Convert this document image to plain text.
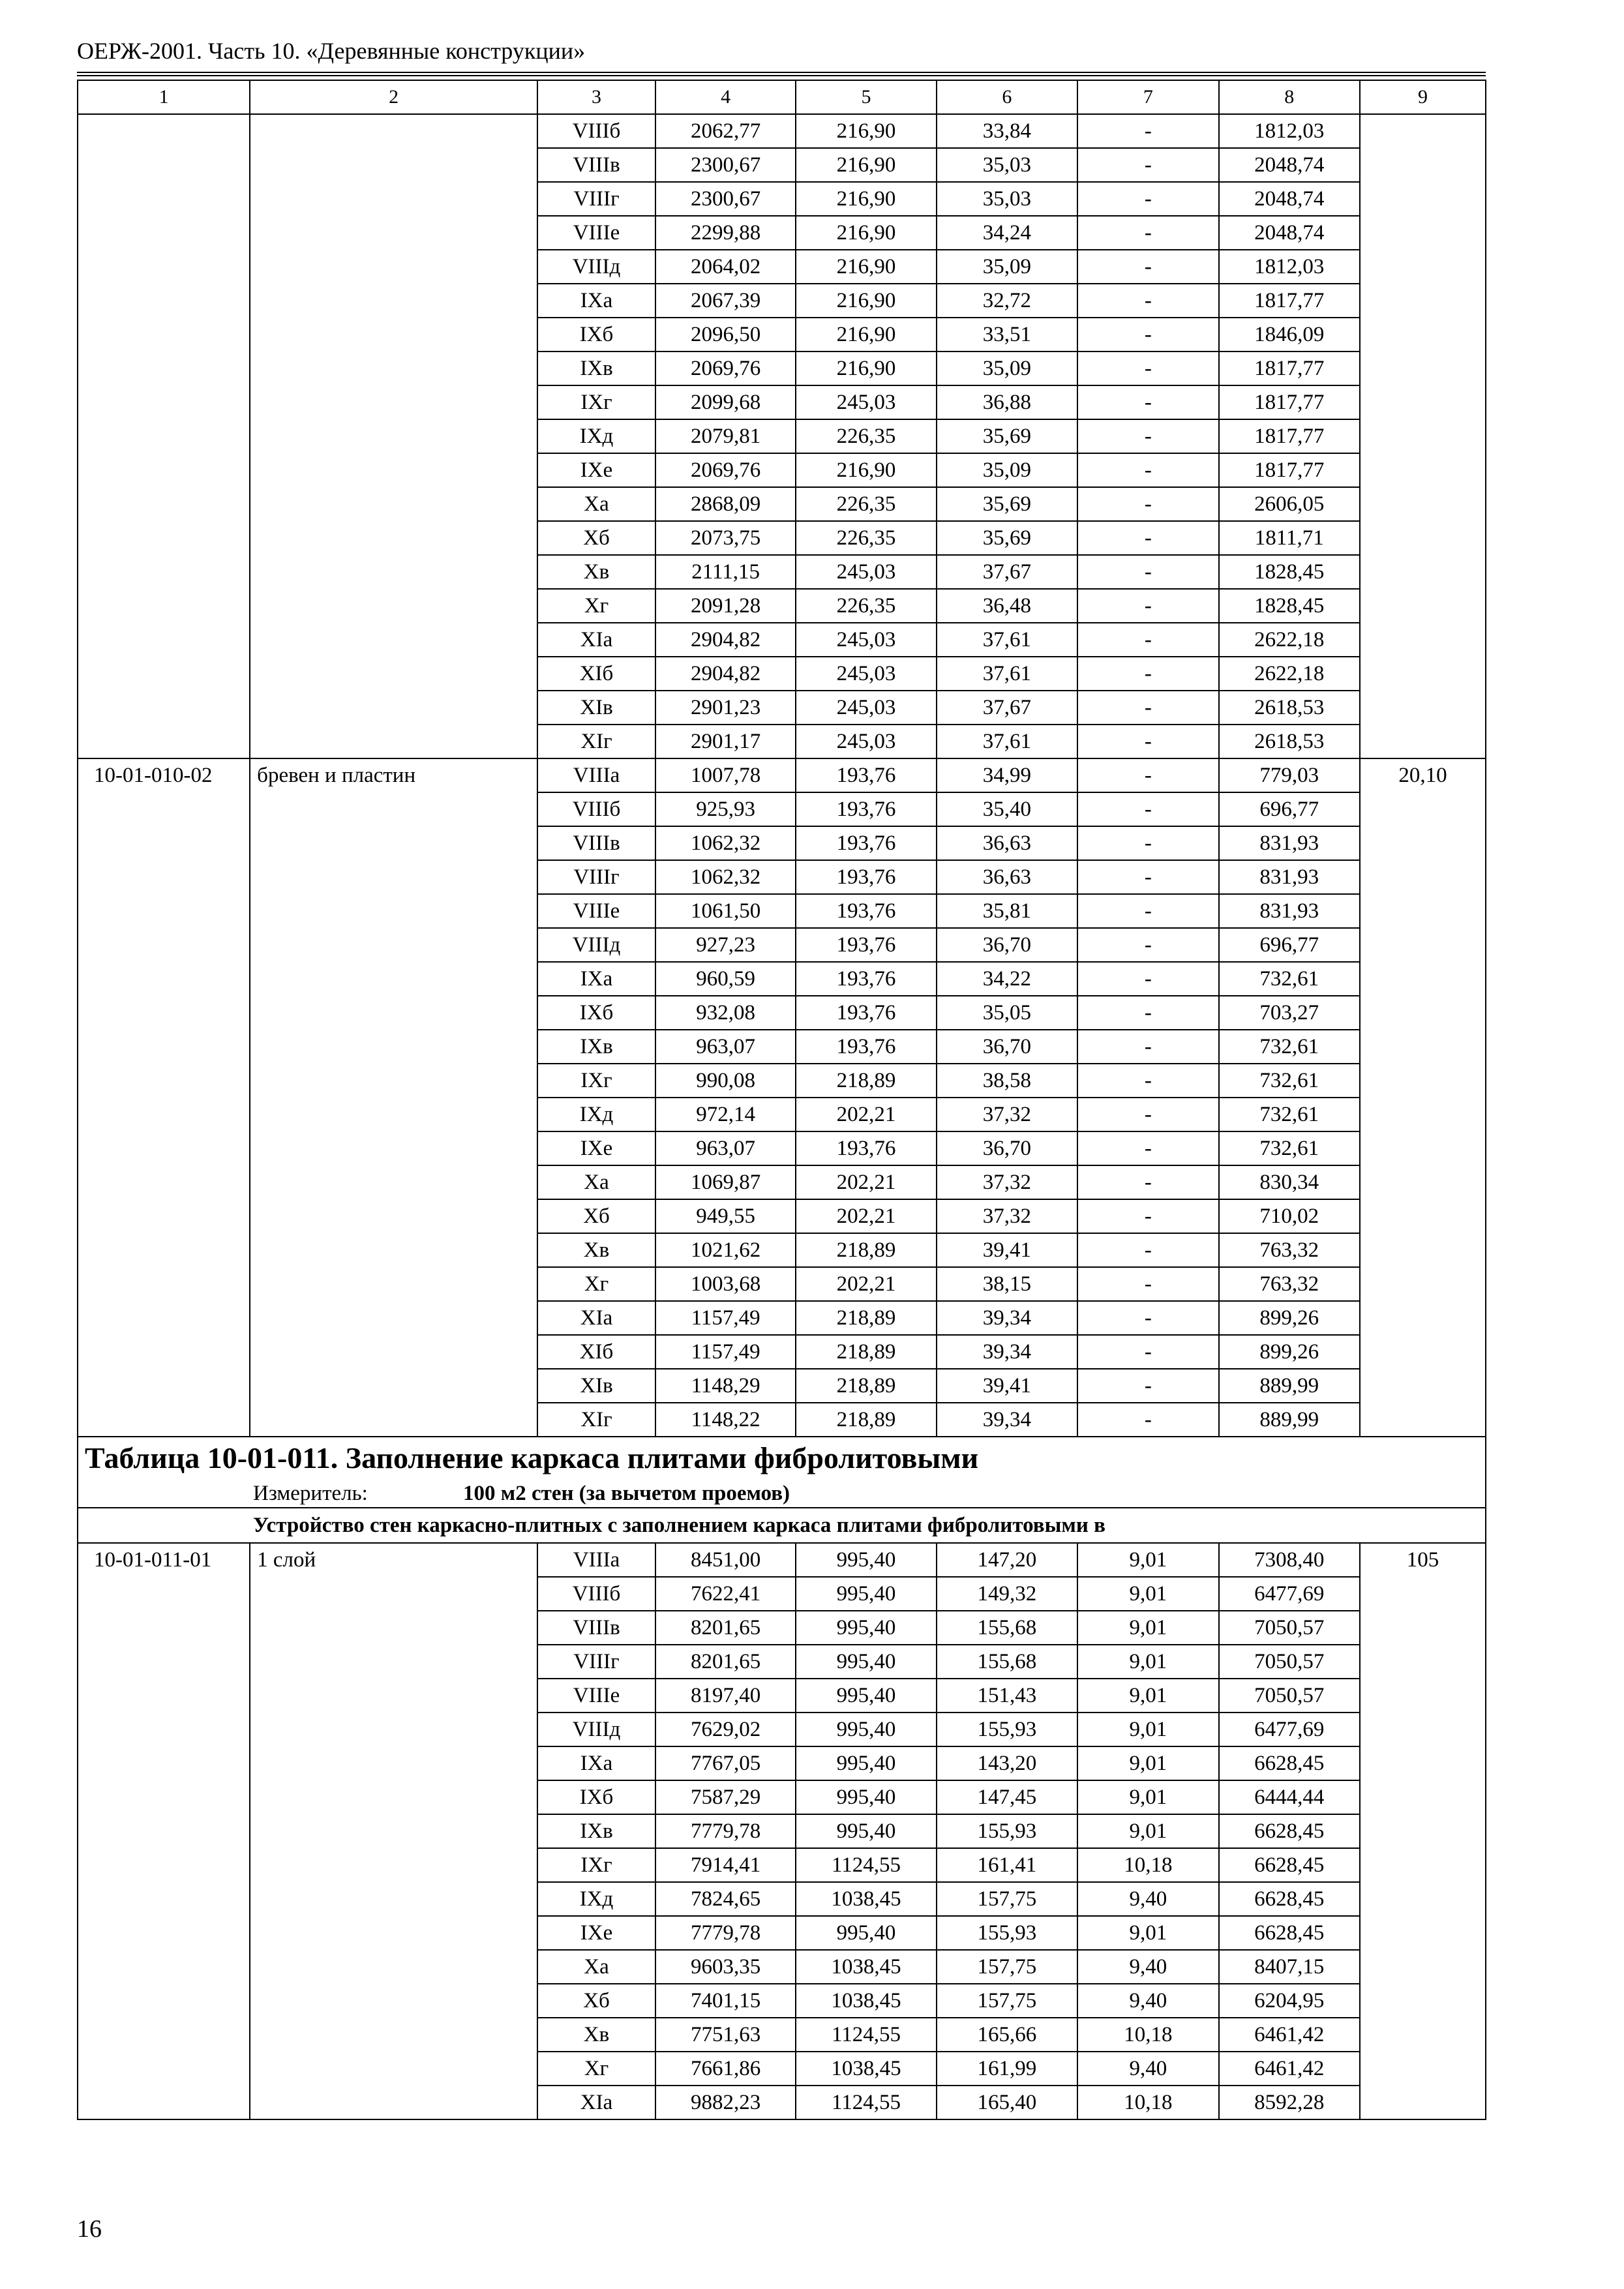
ОЕРЖ-2001. Часть 10. «Деревянные конструкции»
1	2	3	4	5	6	7	8	9
		VIIIб	2062,77	216,90	33,84	-	1812,03	
		VIIIв	2300,67	216,90	35,03	-	2048,74	
		VIIIг	2300,67	216,90	35,03	-	2048,74	
		VIIIе	2299,88	216,90	34,24	-	2048,74	
		VIIIд	2064,02	216,90	35,09	-	1812,03	
		IXа	2067,39	216,90	32,72	-	1817,77	
		IXб	2096,50	216,90	33,51	-	1846,09	
		IXв	2069,76	216,90	35,09	-	1817,77	
		IXг	2099,68	245,03	36,88	-	1817,77	
		IXд	2079,81	226,35	35,69	-	1817,77	
		IXе	2069,76	216,90	35,09	-	1817,77	
		Xа	2868,09	226,35	35,69	-	2606,05	
		Xб	2073,75	226,35	35,69	-	1811,71	
		Xв	2111,15	245,03	37,67	-	1828,45	
		Xг	2091,28	226,35	36,48	-	1828,45	
		XIа	2904,82	245,03	37,61	-	2622,18	
		XIб	2904,82	245,03	37,61	-	2622,18	
		XIв	2901,23	245,03	37,67	-	2618,53	
		XIг	2901,17	245,03	37,61	-	2618,53	
10-01-010-02	бревен и пластин	VIIIа	1007,78	193,76	34,99	-	779,03	20,10
		VIIIб	925,93	193,76	35,40	-	696,77	
		VIIIв	1062,32	193,76	36,63	-	831,93	
		VIIIг	1062,32	193,76	36,63	-	831,93	
		VIIIе	1061,50	193,76	35,81	-	831,93	
		VIIIд	927,23	193,76	36,70	-	696,77	
		IXа	960,59	193,76	34,22	-	732,61	
		IXб	932,08	193,76	35,05	-	703,27	
		IXв	963,07	193,76	36,70	-	732,61	
		IXг	990,08	218,89	38,58	-	732,61	
		IXд	972,14	202,21	37,32	-	732,61	
		IXе	963,07	193,76	36,70	-	732,61	
		Xа	1069,87	202,21	37,32	-	830,34	
		Xб	949,55	202,21	37,32	-	710,02	
		Xв	1021,62	218,89	39,41	-	763,32	
		Xг	1003,68	202,21	38,15	-	763,32	
		XIа	1157,49	218,89	39,34	-	899,26	
		XIб	1157,49	218,89	39,34	-	899,26	
		XIв	1148,29	218,89	39,41	-	889,99	
		XIг	1148,22	218,89	39,34	-	889,99	
Таблица 10-01-011. Заполнение каркаса плитами фибролитовыми								
Измеритель: 100 м2 стен (за вычетом проемов)								
Устройство стен каркасно-плитных с заполнением каркаса плитами фибролитовыми в								
10-01-011-01	1 слой	VIIIа	8451,00	995,40	147,20	9,01	7308,40	105
		VIIIб	7622,41	995,40	149,32	9,01	6477,69	
		VIIIв	8201,65	995,40	155,68	9,01	7050,57	
		VIIIг	8201,65	995,40	155,68	9,01	7050,57	
		VIIIе	8197,40	995,40	151,43	9,01	7050,57	
		VIIIд	7629,02	995,40	155,93	9,01	6477,69	
		IXа	7767,05	995,40	143,20	9,01	6628,45	
		IXб	7587,29	995,40	147,45	9,01	6444,44	
		IXв	7779,78	995,40	155,93	9,01	6628,45	
		IXг	7914,41	1124,55	161,41	10,18	6628,45	
		IXд	7824,65	1038,45	157,75	9,40	6628,45	
		IXе	7779,78	995,40	155,93	9,01	6628,45	
		Xа	9603,35	1038,45	157,75	9,40	8407,15	
		Xб	7401,15	1038,45	157,75	9,40	6204,95	
		Xв	7751,63	1124,55	165,66	10,18	6461,42	
		Xг	7661,86	1038,45	161,99	9,40	6461,42	
		XIа	9882,23	1124,55	165,40	10,18	8592,28	
16
